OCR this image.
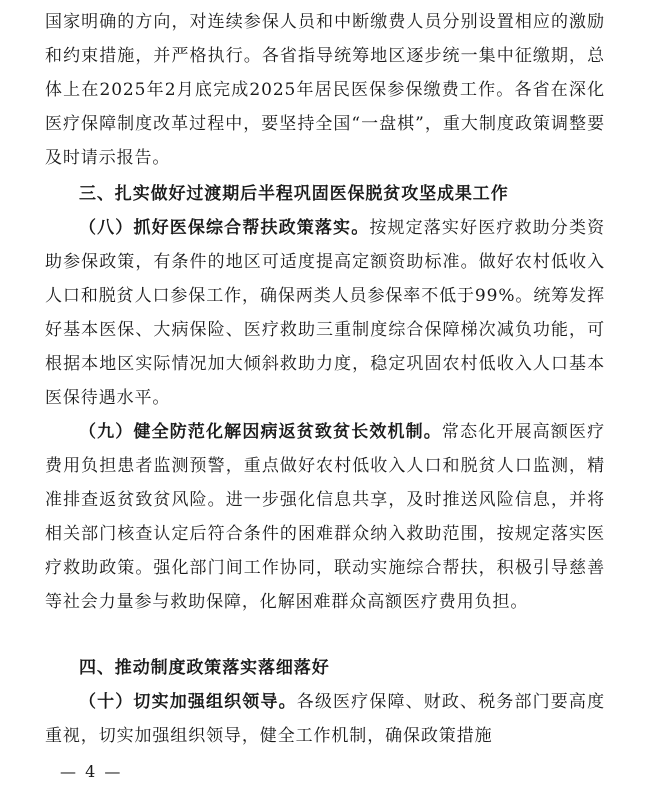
国家明确的方向，对连续参保人员和中断缴费人员分别设置相应的激励和约束措施，并严格执行。各省指导统筹地区逐步统一集中征缴期，总体上在2025年2月底完成2025年居民医保参保缴费工作。各省在深化医疗保障制度改革过程中，要坚持全国“一盘棋”，重大制度政策调整要及时请示报告。
三、扎实做好过渡期后半程巩固医保脱贫攻坚成果工作
（八）抓好医保综合帮扶政策落实。按规定落实好医疗救助分类资助参保政策，有条件的地区可适度提高定额资助标准。做好农村低收入人口和脱贫人口参保工作，确保两类人员参保率不低于99%。统筹发挥好基本医保、大病保险、医疗救助三重制度综合保障梯次减负功能，可根据本地区实际情况加大倾斜救助力度，稳定巩固农村低收入人口基本医保待遇水平。
（九）健全防范化解因病返贫致贫长效机制。常态化开展高额医疗费用负担患者监测预警，重点做好农村低收入人口和脱贫人口监测，精准排查返贫致贫风险。进一步强化信息共享，及时推送风险信息，并将相关部门核查认定后符合条件的困难群众纳入救助范围，按规定落实医疗救助政策。强化部门间工作协同，联动实施综合帮扶，积极引导慈善等社会力量参与救助保障，化解困难群众高额医疗费用负担。
四、推动制度政策落实落细落好
（十）切实加强组织领导。各级医疗保障、财政、税务部门要高度重视，切实加强组织领导，健全工作机制，确保政策措施
— 4 —
